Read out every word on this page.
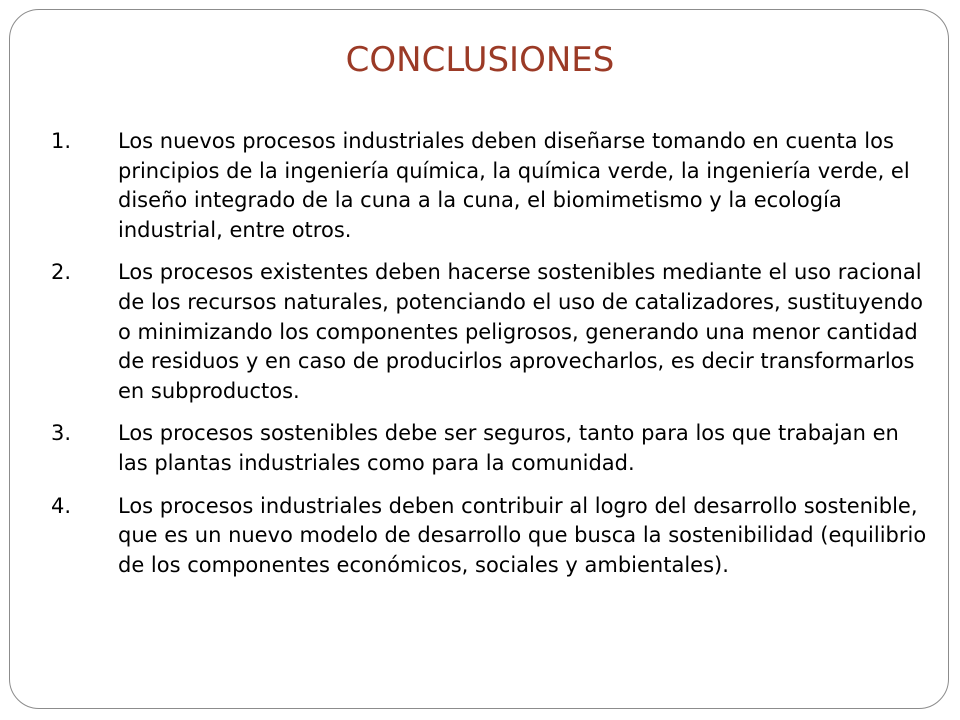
CONCLUSIONES
1. Los nuevos procesos industriales deben diseñarse tomando en cuenta los principios de la ingeniería química, la química verde, la ingeniería verde, el diseño integrado de la cuna a la cuna, el biomimetismo y la ecología industrial, entre otros.
2. Los procesos existentes deben hacerse sostenibles mediante el uso racional de los recursos naturales, potenciando el uso de catalizadores, sustituyendo o minimizando los componentes peligrosos, generando una menor cantidad de residuos y en caso de producirlos aprovecharlos, es decir transformarlos en subproductos.
3. Los procesos sostenibles debe ser seguros, tanto para los que trabajan en las plantas industriales como para la comunidad.
4. Los procesos industriales deben contribuir al logro del desarrollo sostenible, que es un nuevo modelo de desarrollo que busca la sostenibilidad (equilibrio de los componentes económicos, sociales y ambientales).
